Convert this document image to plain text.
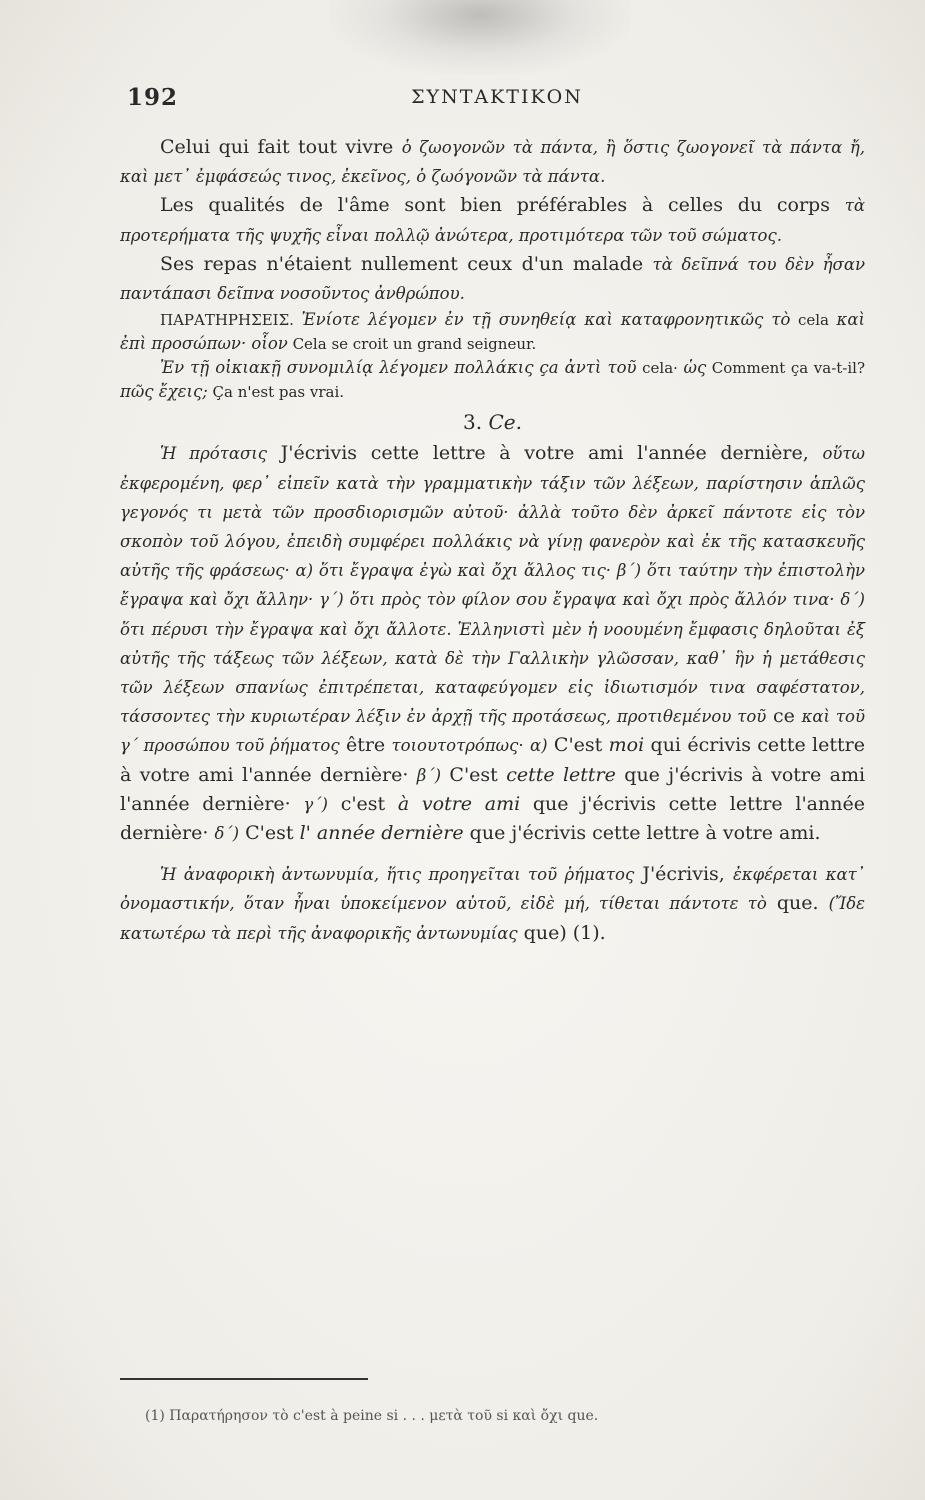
192	ΣΥΝΤΑΚΤΙΚΟΝ

Celui qui fait tout vivre ὁ ζωογονῶν τὰ πάντα, ἢ ὅστις ζωογονεῖ τὰ πάντα ἤ, καὶ μετ᾽ ἐμφάσεώς τινος, ἐκεῖνος, ὁ ζωόγονῶν τὰ πάντα.

Les qualités de l'âme sont bien préférables à celles du corps τὰ προτερήματα τῆς ψυχῆς εἶναι πολλῷ ἀνώτερα, προτιμότερα τῶν τοῦ σώματος.

Ses repas n'étaient nullement ceux d'un malade τὰ δεῖπνά του δὲν ἦσαν παντάπασι δεῖπνα νοσοῦντος ἀνθρώπου.

ΠΑΡΑΤΗΡΗΣΕΙΣ. Ἐνίοτε λέγομεν ἐν τῇ συνηθείᾳ καὶ καταφρονητικῶς τὸ cela καὶ ἐπὶ προσώπων· οἷον Cela se croit un grand seigneur.

Ἐν τῇ οἰκιακῇ συνομιλίᾳ λέγομεν πολλάκις ça ἀντὶ τοῦ cela· ὡς Comment ça va-t-il? πῶς ἔχεις; Ça n'est pas vrai.

3. Ce.

Ἡ πρότασις J'écrivis cette lettre à votre ami l'année dernière, οὕτω ἐκφερομένη, φερ᾽ εἰπεῖν κατὰ τὴν γραμματικὴν τάξιν τῶν λέξεων, παρίστησιν ἁπλῶς γεγονός τι μετὰ τῶν προσδιορισμῶν αὐτοῦ· ἀλλὰ τοῦτο δὲν ἀρκεῖ πάντοτε εἰς τὸν σκοπὸν τοῦ λόγου, ἐπειδὴ συμφέρει πολλάκις νὰ γίνῃ φανερὸν καὶ ἐκ τῆς κατασκευῆς αὐτῆς τῆς φράσεως· α) ὅτι ἔγραψα ἐγὼ καὶ ὄχι ἄλλος τις· β΄) ὅτι ταύτην τὴν ἐπιστολὴν ἔγραψα καὶ ὄχι ἄλλην· γ΄) ὅτι πρὸς τὸν φίλον σου ἔγραψα καὶ ὄχι πρὸς ἄλλόν τινα· δ΄) ὅτι πέρυσι τὴν ἔγραψα καὶ ὄχι ἄλλοτε. Ἑλληνιστὶ μὲν ἡ νοουμένη ἔμφασις δηλοῦται ἐξ αὐτῆς τῆς τάξεως τῶν λέξεων, κατὰ δὲ τὴν Γαλλικὴν γλῶσσαν, καθ᾽ ἣν ἡ μετάθεσις τῶν λέξεων σπανίως ἐπιτρέπεται, καταφεύγομεν εἰς ἰδιωτισμόν τινα σαφέστατον, τάσσοντες τὴν κυριωτέραν λέξιν ἐν ἀρχῇ τῆς προτάσεως, προτιθεμένου τοῦ ce καὶ τοῦ γ΄ προσώπου τοῦ ῥήματος être τοιουτοτρόπως· α) C'est moi qui écrivis cette lettre à votre ami l'année dernière· β΄) C'est cette lettre que j'écrivis à votre ami l'année dernière· γ΄) c'est à votre ami que j'écrivis cette lettre l'année dernière· δ΄) C'est l' année dernière que j'écrivis cette lettre à votre ami.

Ἡ ἀναφορικὴ ἀντωνυμία, ἥτις προηγεῖται τοῦ ῥήματος J'écrivis, ἐκφέρεται κατ᾽ ὀνομαστικήν, ὅταν ἦναι ὑποκείμενον αὐτοῦ, εἰδὲ μή, τίθεται πάντοτε τὸ que. (Ἴδε κατωτέρω τὰ περὶ τῆς ἀναφορικῆς ἀντωνυμίας que) (1).

(1) Παρατήρησον τὸ c'est à peine si . . . μετὰ τοῦ si καὶ ὄχι que.
